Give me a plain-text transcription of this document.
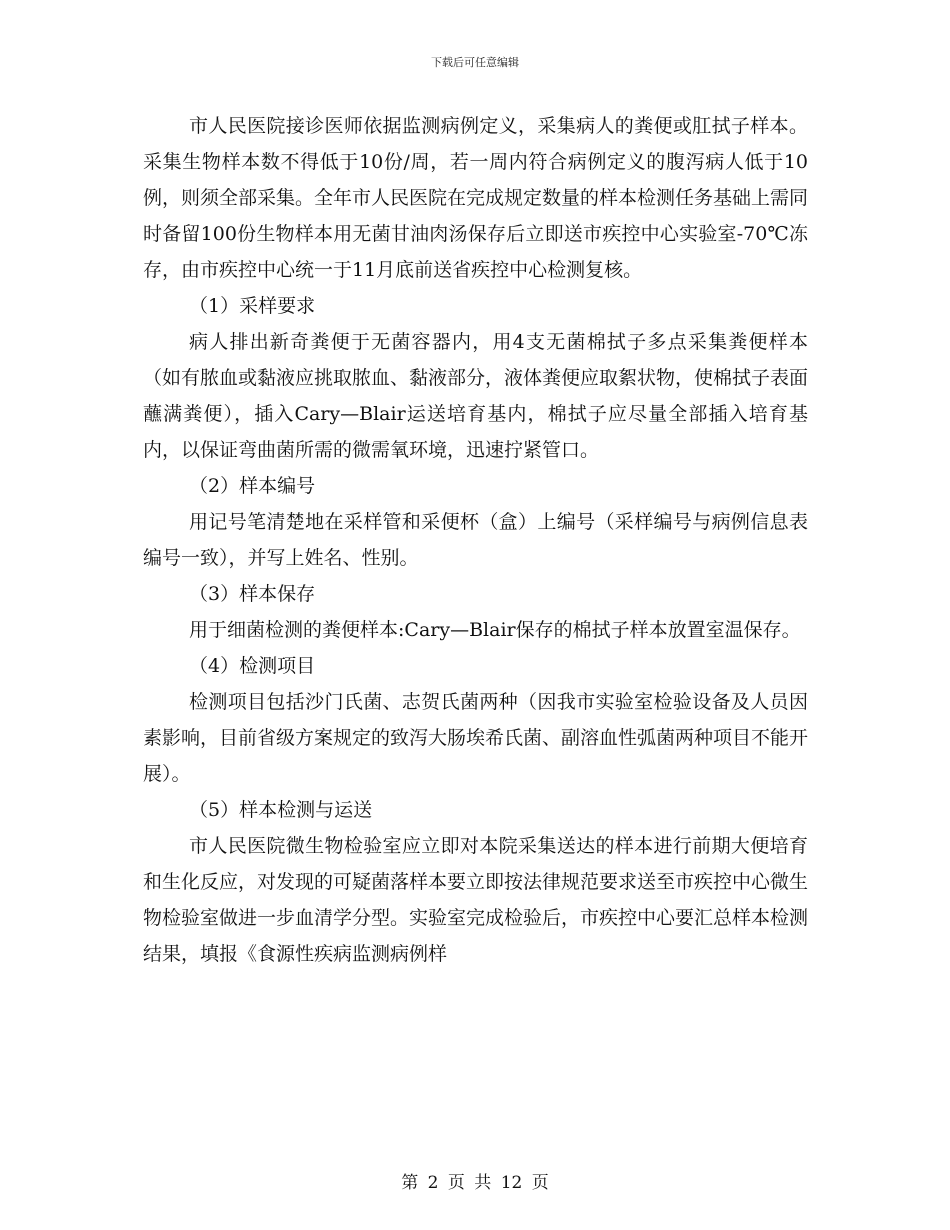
下载后可任意编辑

市人民医院接诊医师依据监测病例定义，采集病人的粪便或肛拭子样本。采集生物样本数不得低于10份/周，若一周内符合病例定义的腹泻病人低于10例，则须全部采集。全年市人民医院在完成规定数量的样本检测任务基础上需同时备留100份生物样本用无菌甘油肉汤保存后立即送市疾控中心实验室-70℃冻存，由市疾控中心统一于11月底前送省疾控中心检测复核。

（1）采样要求

病人排出新奇粪便于无菌容器内，用4支无菌棉拭子多点采集粪便样本（如有脓血或黏液应挑取脓血、黏液部分，液体粪便应取絮状物，使棉拭子表面蘸满粪便），插入Cary—Blair运送培育基内，棉拭子应尽量全部插入培育基内，以保证弯曲菌所需的微需氧环境，迅速拧紧管口。

（2）样本编号

用记号笔清楚地在采样管和采便杯（盒）上编号（采样编号与病例信息表编号一致），并写上姓名、性别。

（3）样本保存

用于细菌检测的粪便样本:Cary—Blair保存的棉拭子样本放置室温保存。

（4）检测项目

检测项目包括沙门氏菌、志贺氏菌两种（因我市实验室检验设备及人员因素影响，目前省级方案规定的致泻大肠埃希氏菌、副溶血性弧菌两种项目不能开展）。

（5）样本检测与运送

市人民医院微生物检验室应立即对本院采集送达的样本进行前期大便培育和生化反应，对发现的可疑菌落样本要立即按法律规范要求送至市疾控中心微生物检验室做进一步血清学分型。实验室完成检验后，市疾控中心要汇总样本检测结果，填报《食源性疾病监测病例样

第 2 页 共 12 页
